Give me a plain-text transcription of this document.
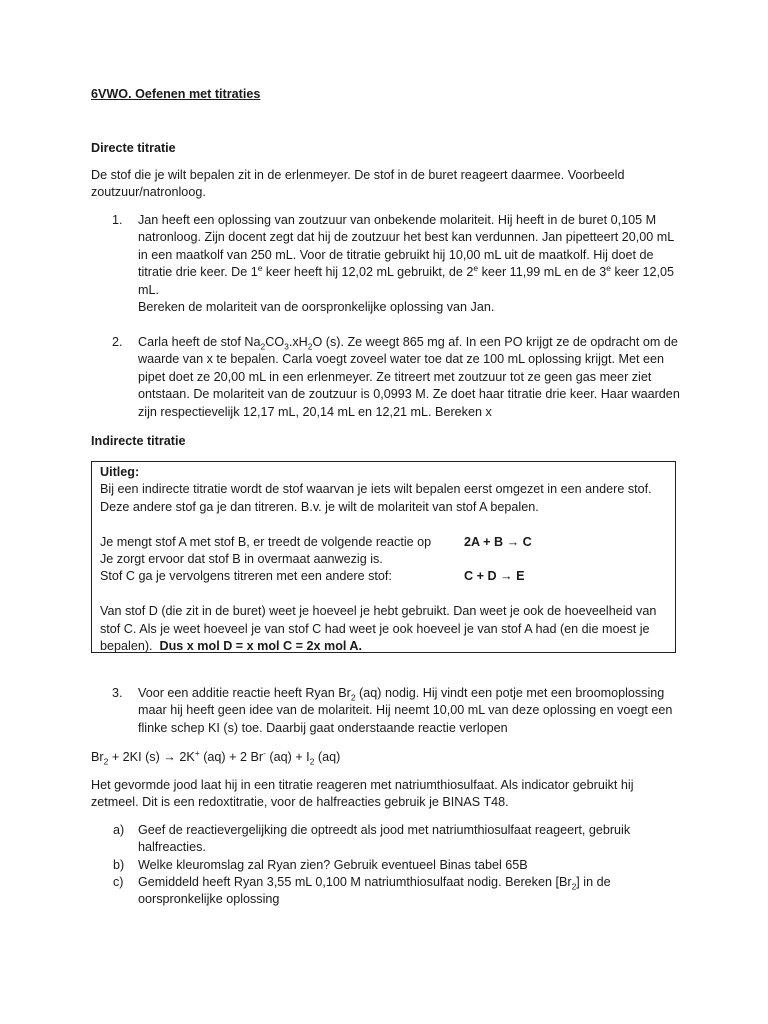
6VWO. Oefenen met titraties

Directe titratie

De stof die je wilt bepalen zit in de erlenmeyer. De stof in de buret reageert daarmee. Voorbeeld zoutzuur/natronloog.

1. Jan heeft een oplossing van zoutzuur van onbekende molariteit. Hij heeft in de buret 0,105 M natronloog. Zijn docent zegt dat hij de zoutzuur het best kan verdunnen. Jan pipetteert 20,00 mL in een maatkolf van 250 mL. Voor de titratie gebruikt hij 10,00 mL uit de maatkolf. Hij doet de titratie drie keer. De 1e keer heeft hij 12,02 mL gebruikt, de 2e keer 11,99 mL en de 3e keer 12,05 mL.
Bereken de molariteit van de oorspronkelijke oplossing van Jan.
2. Carla heeft de stof $Na_2CO_3.xH_2O$ (s). Ze weegt 865 mg af. In een PO krijgt ze de opdracht om de waarde van x te bepalen. Carla voegt zoveel water toe dat ze 100 mL oplossing krijgt. Met een pipet doet ze 20,00 mL in een erlenmeyer. Ze titreert met zoutzuur tot ze geen gas meer ziet ontstaan. De molariteit van de zoutzuur is 0,0993 M. Ze doet haar titratie drie keer. Haar waarden zijn respectievelijk 12,17 mL, 20,14 mL en 12,21 mL. Bereken x

Indirecte titratie

Uitleg:

Bij een indirecte titratie wordt de stof waarvan je iets wilt bepalen eerst omgezet in een andere stof. Deze andere stof ga je dan titreren. B.v. je wilt de molariteit van stof A bepalen.

Je mengt stof A met stof B, er treedt de volgende reactie op	2A + B → C

Je zorgt ervoor dat stof B in overmaat aanwezig is.

Stof C ga je vervolgens titreren met een andere stof:	C + D → E

Van stof D (die zit in de buret) weet je hoeveel je hebt gebruikt. Dan weet je ook de hoeveelheid van stof C. Als je weet hoeveel je van stof C had weet je ook hoeveel je van stof A had (en die moest je bepalen). Dus x mol D = x mol C = 2x mol A.

3. Voor een additie reactie heeft Ryan $Br_2$ (aq) nodig. Hij vindt een potje met een broomoplossing maar hij heeft geen idee van de molariteit. Hij neemt 10,00 mL van deze oplossing en voegt een flinke schep KI (s) toe. Daarbij gaat onderstaande reactie verlopen

$Br_2 + 2KI$ (s) → 2K+ (aq) + 2 Br- $(aq) + I_2$ (aq)

Het gevormde jood laat hij in een titratie reageren met natriumthiosulfaat. Als indicator gebruikt hij zetmeel. Dit is een redoxtitratie, voor de halfreacties gebruik je BINAS T48.

a) Geef de reactievergelijking die optreedt als jood met natriumthiosulfaat reageert, gebruik halfreacties.
b) Welke kleuromslag zal Ryan zien? Gebruik eventueel Binas tabel 65B
c) Gemiddeld heeft Ryan 3,55 mL 0,100 M natriumthiosulfaat nodig. Bereken $[Br_2]$ in de oorspronkelijke oplossing
